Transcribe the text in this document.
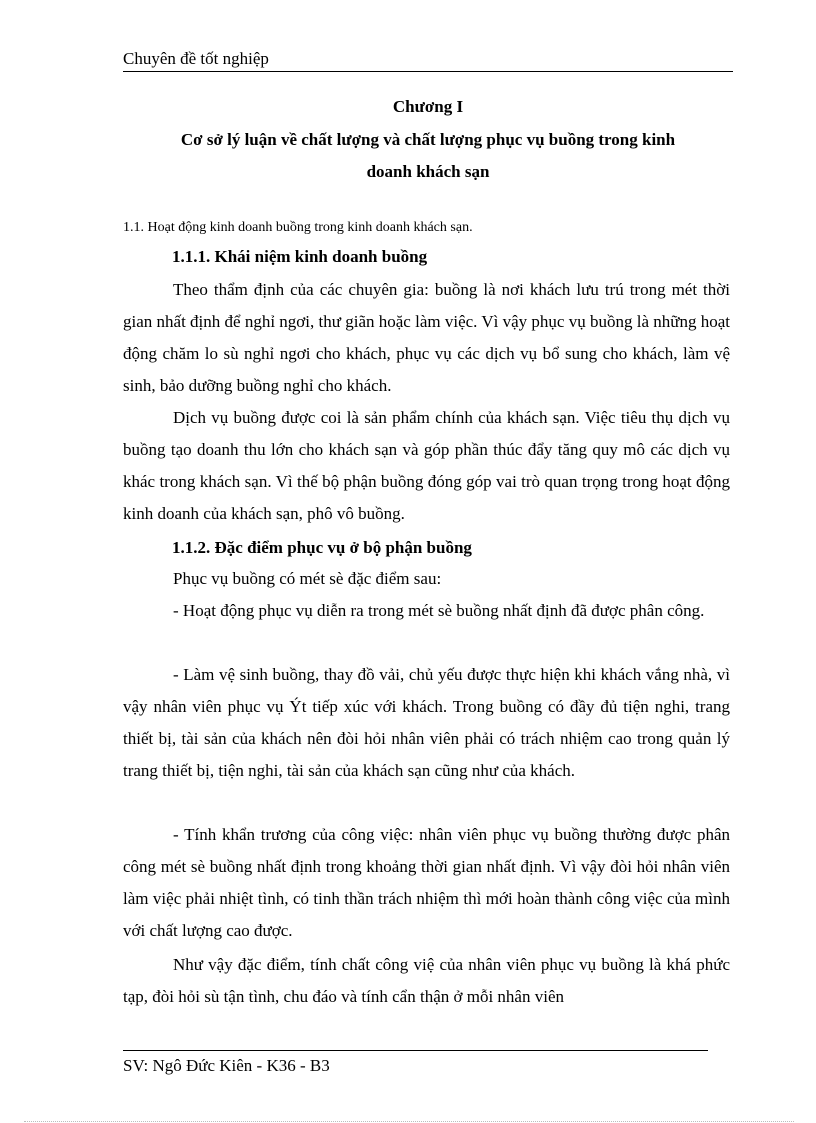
Chuyên đề tốt nghiệp
Chương I
Cơ sở lý luận về chất lượng và chất lượng phục vụ buồng trong kinh
doanh khách sạn
1.1. Hoạt động kinh doanh buồng trong kinh doanh khách sạn.
1.1.1. Khái niệm kinh doanh buồng

Theo thẩm định của các chuyên gia: buồng là nơi khách lưu trú trong mét thời gian nhất định để nghỉ ngơi, thư giãn hoặc làm việc. Vì vậy phục vụ buồng là những hoạt động chăm lo sù nghỉ ngơi cho khách, phục vụ các dịch vụ bổ sung cho khách, làm vệ sinh, bảo dưỡng buồng nghỉ cho khách.

Dịch vụ buồng được coi là sản phẩm chính của khách sạn. Việc tiêu thụ dịch vụ buồng tạo doanh thu lớn cho khách sạn và góp phần thúc đẩy tăng quy mô các dịch vụ khác trong khách sạn. Vì thế bộ phận buồng đóng góp vai trò quan trọng trong hoạt động kinh doanh của khách sạn, phô vô buồng.

1.1.2. Đặc điểm phục vụ ở bộ phận buồng

Phục vụ buồng có mét sè đặc điểm sau:

- Hoạt động phục vụ diễn ra trong mét sè buồng nhất định đã được phân công.

- Làm vệ sinh buồng, thay đồ vải, chủ yếu được thực hiện khi khách vắng nhà, vì vậy nhân viên phục vụ Ýt tiếp xúc với khách. Trong buồng có đầy đủ tiện nghi, trang thiết bị, tài sản của khách nên đòi hỏi nhân viên phải có trách nhiệm cao trong quản lý trang thiết bị, tiện nghi, tài sản của khách sạn cũng như của khách.

- Tính khẩn trương của công việc: nhân viên phục vụ buồng thường được phân công mét sè buồng nhất định trong khoảng thời gian nhất định. Vì vậy đòi hỏi nhân viên làm việc phải nhiệt tình, có tinh thần trách nhiệm thì mới hoàn thành công việc của mình với chất lượng cao được.

Như vậy đặc điểm, tính chất công việ của nhân viên phục vụ buồng là khá phức tạp, đòi hỏi sù tận tình, chu đáo và tính cẩn thận ở mỗi nhân viên

SV: Ngô Đức Kiên - K36 - B3
